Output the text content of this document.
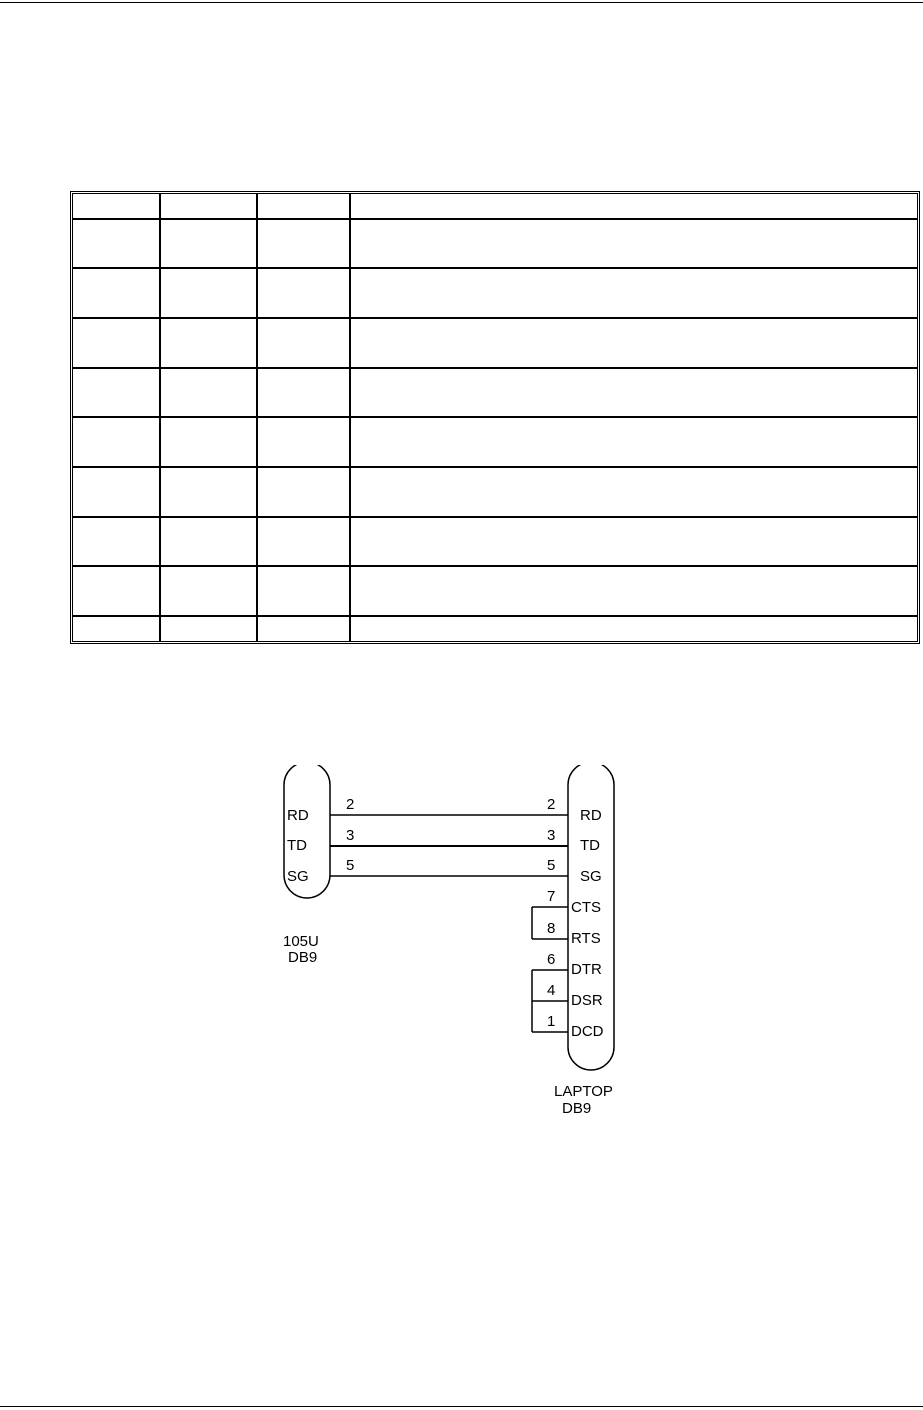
RD
TD
SG
105U
DB9
2
3
5
2
3
5
RD
TD
SG
CTS
RTS
DTR
DSR
DCD
LAPTOP
DB9
7
8
6
4
1
